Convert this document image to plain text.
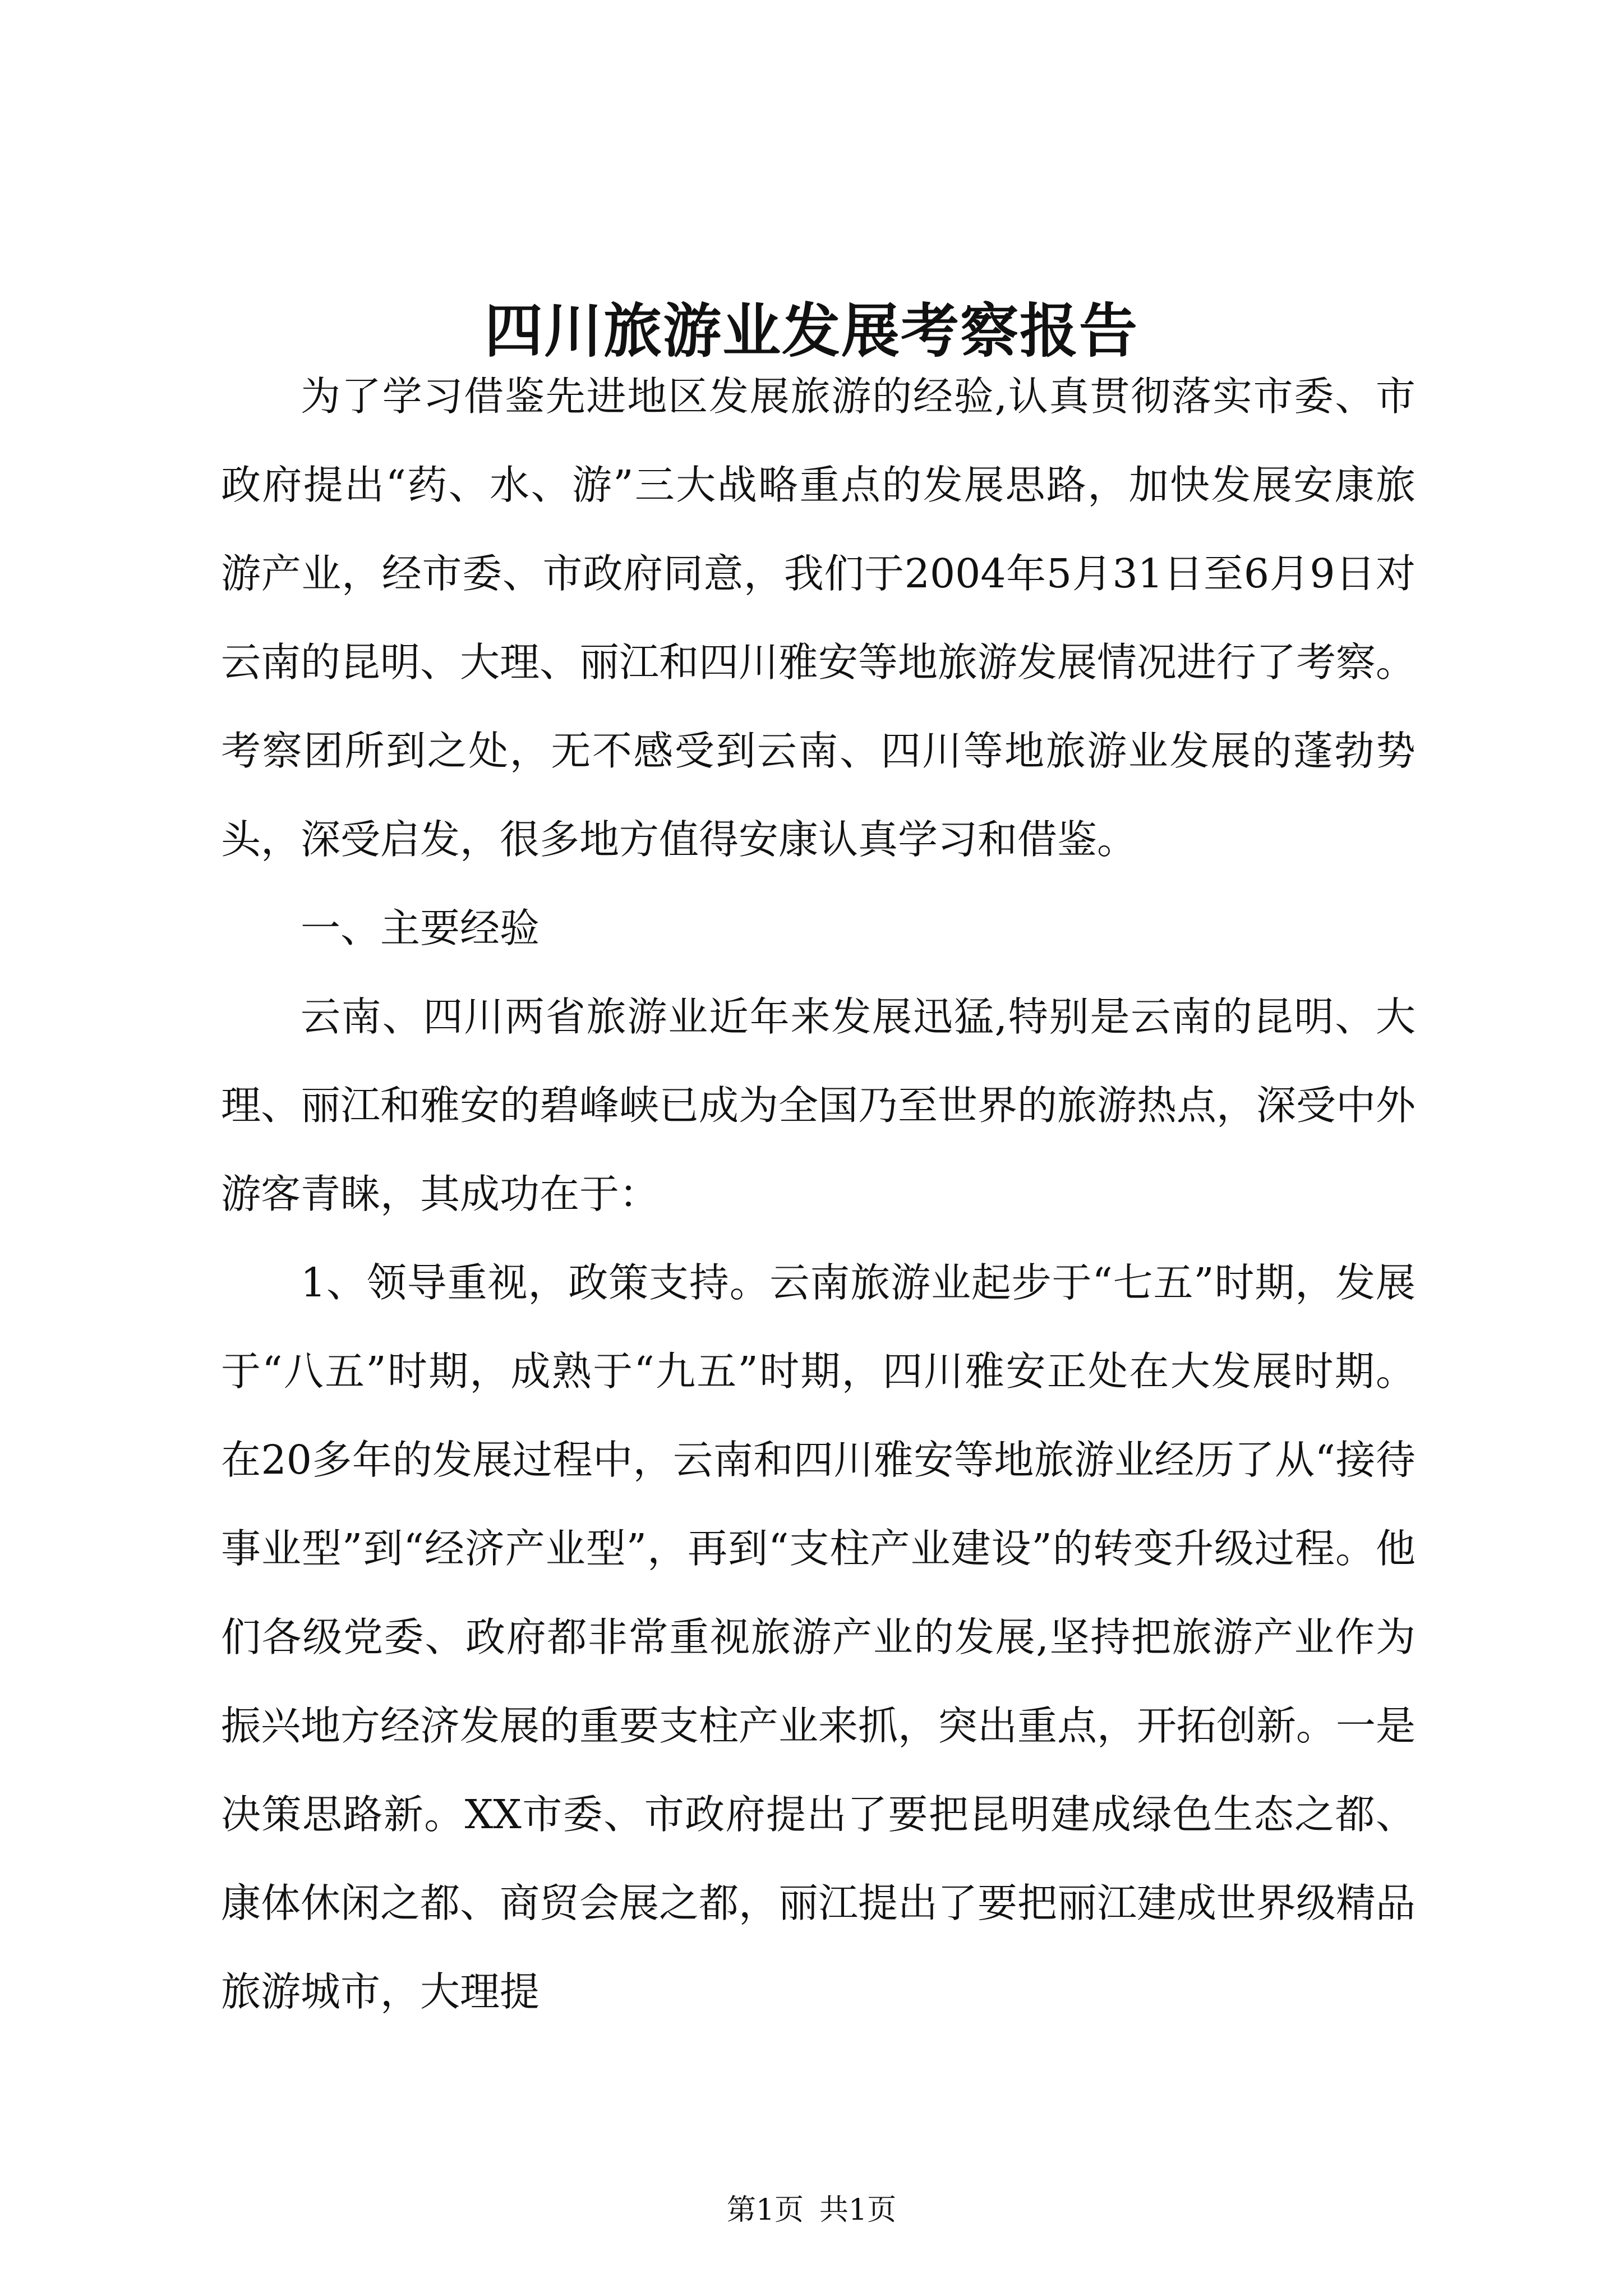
四川旅游业发展考察报告

为了学习借鉴先进地区发展旅游的经验,认真贯彻落实市委、市政府提出“药、水、游”三大战略重点的发展思路，加快发展安康旅游产业，经市委、市政府同意，我们于2004年5月31日至6月9日对云南的昆明、大理、丽江和四川雅安等地旅游发展情况进行了考察。考察团所到之处，无不感受到云南、四川等地旅游业发展的蓬勃势头，深受启发，很多地方值得安康认真学习和借鉴。

一、主要经验

云南、四川两省旅游业近年来发展迅猛,特别是云南的昆明、大理、丽江和雅安的碧峰峡已成为全国乃至世界的旅游热点，深受中外游客青睐，其成功在于：

1、领导重视，政策支持。云南旅游业起步于“七五”时期，发展于“八五”时期，成熟于“九五”时期，四川雅安正处在大发展时期。在20多年的发展过程中，云南和四川雅安等地旅游业经历了从“接待事业型”到“经济产业型”，再到“支柱产业建设”的转变升级过程。他们各级党委、政府都非常重视旅游产业的发展,坚持把旅游产业作为振兴地方经济发展的重要支柱产业来抓，突出重点，开拓创新。一是决策思路新。XX市委、市政府提出了要把昆明建成绿色生态之都、康体休闲之都、商贸会展之都，丽江提出了要把丽江建成世界级精品旅游城市，大理提

第1页 共1页
